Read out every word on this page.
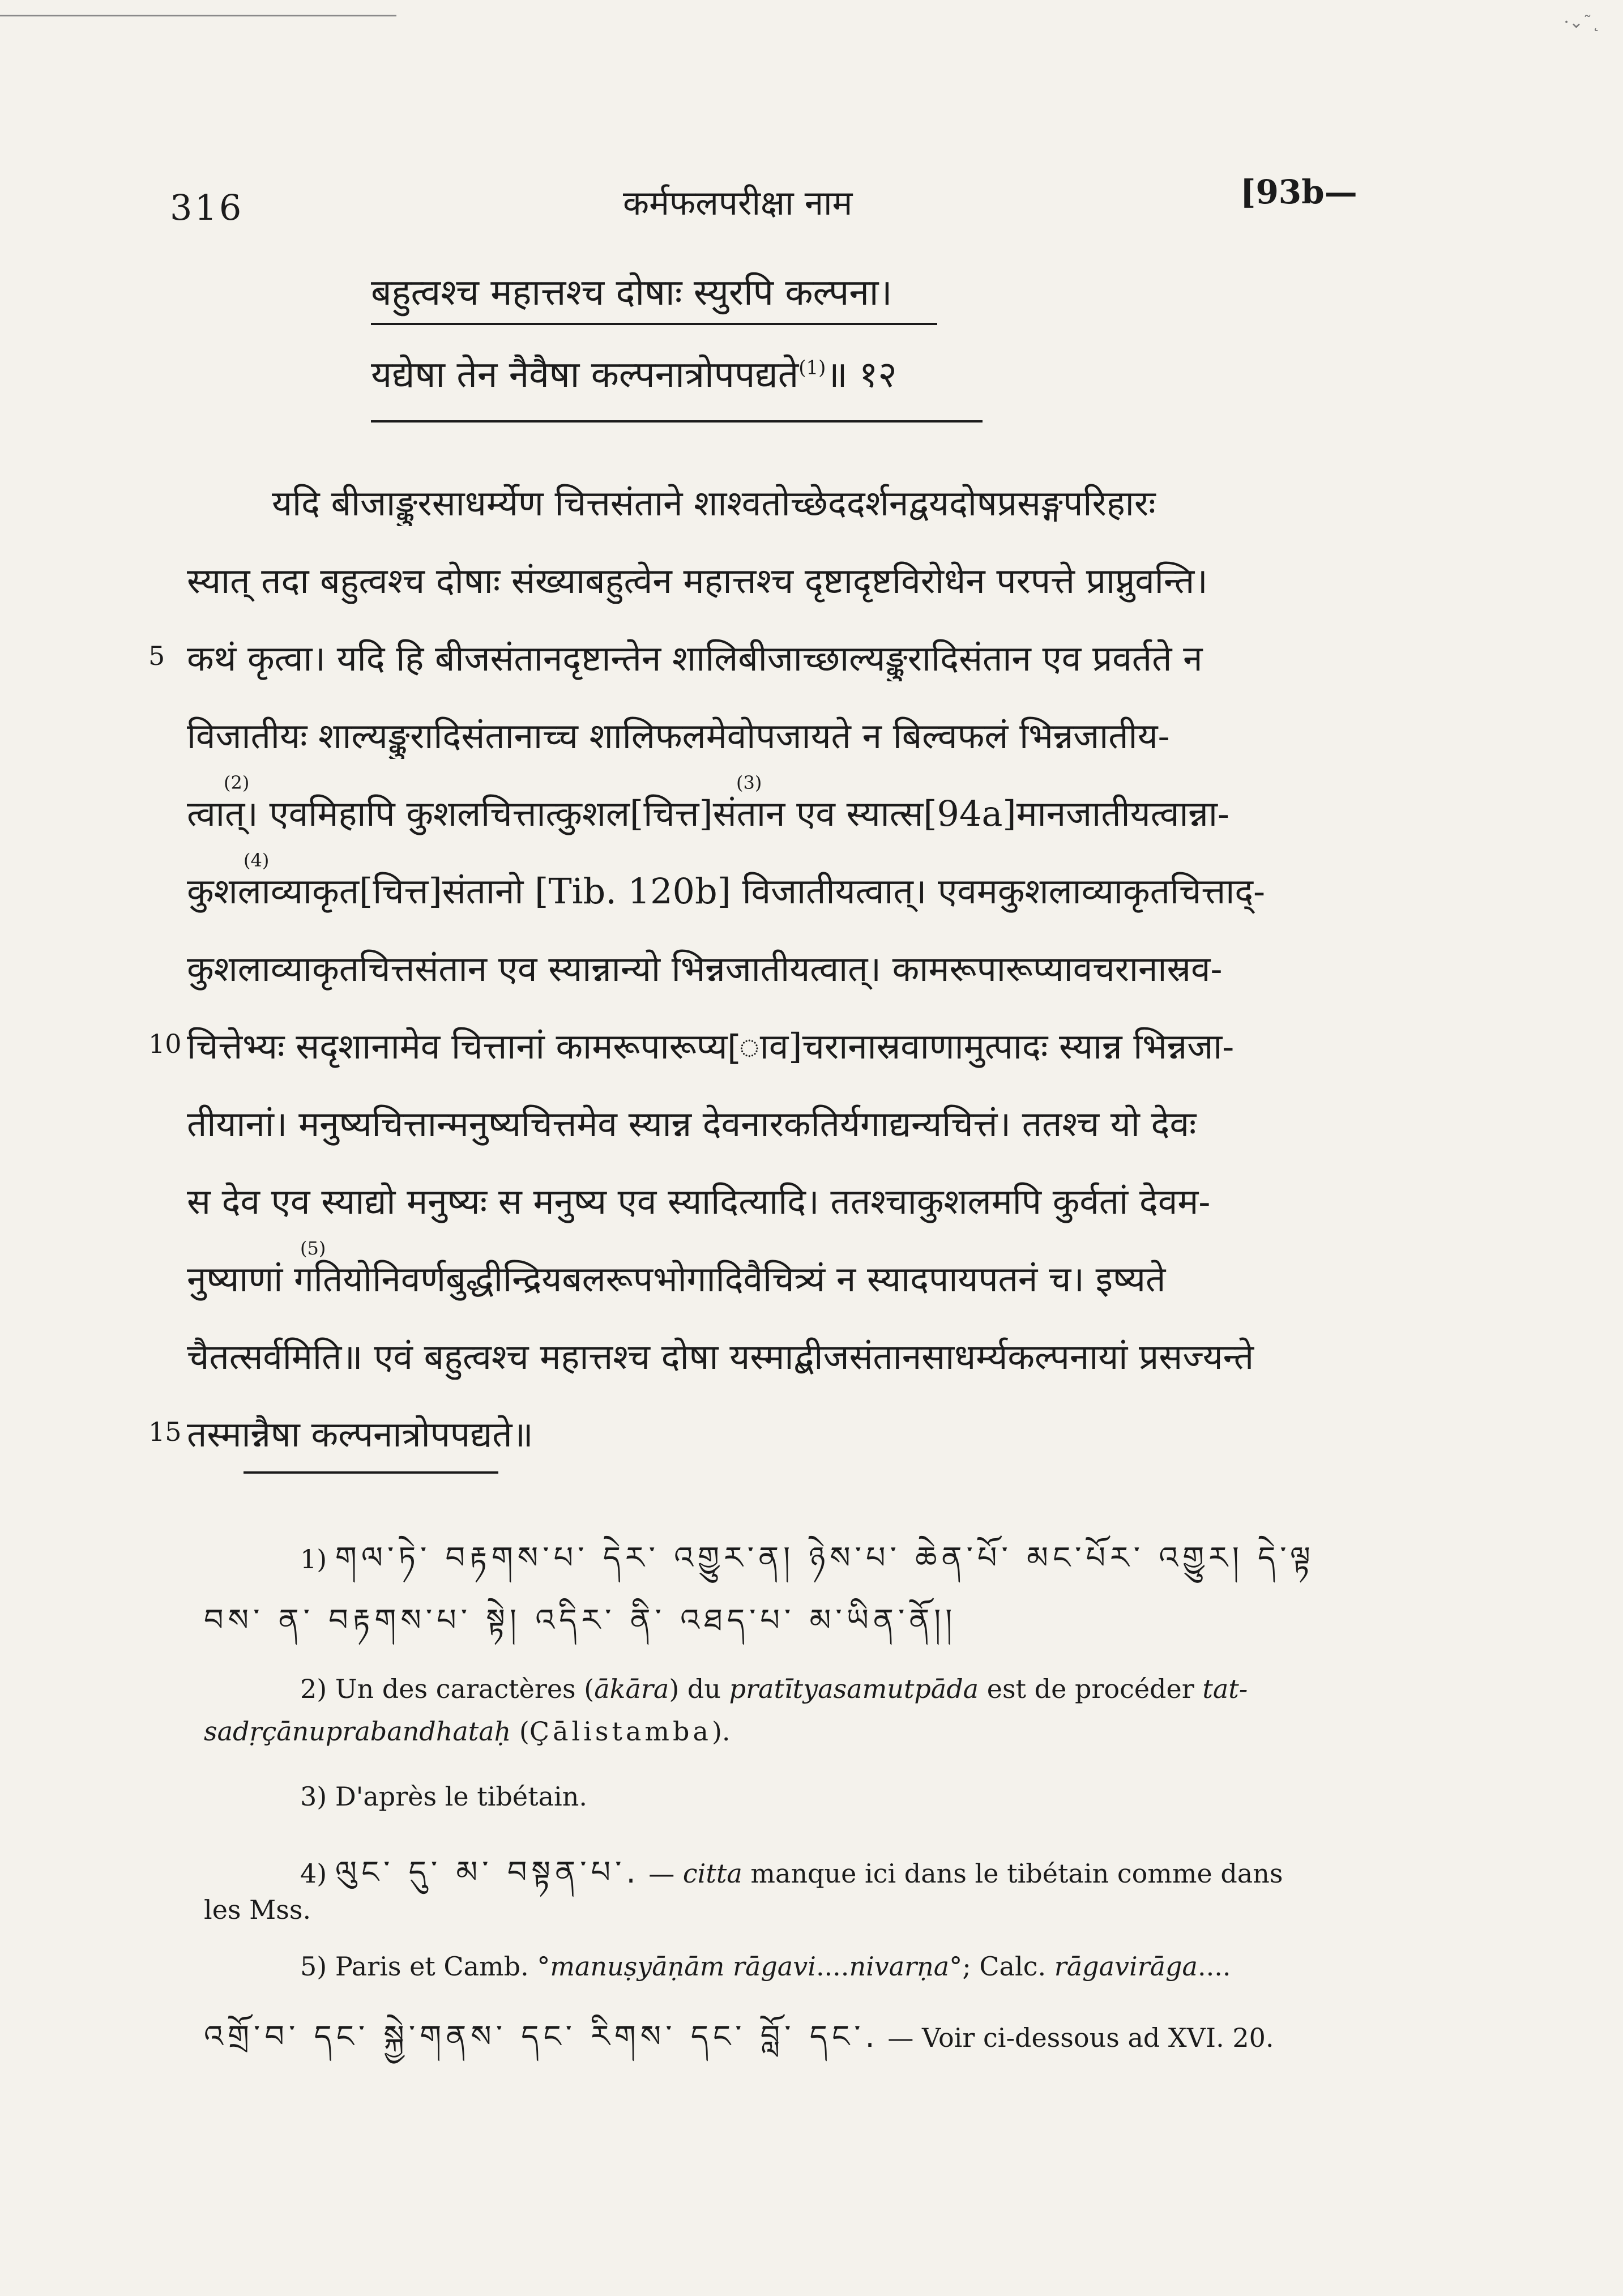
·⌄˜˛
316	कर्मफलपरीक्षा नाम	[93b—
बहुत्वश्च महात्तश्च दोषाः स्युरपि कल्पना।
यद्येषा तेन नैवैषा कल्पनात्रोपपद्यते$^{(1)}$॥ १२
यदि बीजाङ्कुरसाधर्म्येण चित्तसंताने शाश्वतोच्छेददर्शनद्वयदोषप्रसङ्गपरिहारः
स्यात् तदा बहुत्वश्च दोषाः संख्याबहुत्वेन महात्तश्च दृष्टादृष्टविरोधेन परपत्ते प्राप्नुवन्ति।
5 कथं कृत्वा। यदि हि बीजसंतानदृष्टान्तेन शालिबीजाच्छाल्यङ्कुरादिसंतान एव प्रवर्तते न
विजातीयः शाल्यङ्कुरादिसंतानाच्च शालिफलमेवोपजायते न बिल्वफलं भिन्नजातीय-
त्वात्। एवमिहापि कुशलचित्तात्कुशल[चित्त]संतान एव स्यात्स[94a]मानजातीयत्वान्ना-
कुशलाव्याकृत[चित्त]संतानो [Tib. 120b] विजातीयत्वात्। एवमकुशलाव्याकृतचित्ताद्-
कुशलाव्याकृतचित्तसंतान एव स्यान्नान्यो भिन्नजातीयत्वात्। कामरूपारूप्यावचरानास्रव-
10 चित्तेभ्यः सदृशानामेव चित्तानां कामरूपारूप्य[ाव]चरानास्रवाणामुत्पादः स्यान्न भिन्नजा-
तीयानां। मनुष्यचित्तान्मनुष्यचित्तमेव स्यान्न देवनारकतिर्यगाद्यन्यचित्तं। ततश्च यो देवः
स देव एव स्याद्यो मनुष्यः स मनुष्य एव स्यादित्यादि। ततश्चाकुशलमपि कुर्वतां देवम-
नुष्याणां गतियोनिवर्णबुद्धीन्द्रियबलरूपभोगादिवैचित्र्यं न स्यादपायपतनं च। इष्यते
चैतत्सर्वमिति॥ एवं बहुत्वश्च महात्तश्च दोषा यस्माद्बीजसंतानसाधर्म्यकल्पनायां प्रसज्यन्ते
15 तस्मान्नैषा कल्पनात्रोपपद्यते॥
(2)	(3)
(4)
(5)
1) གལ་ཏེ་ བརྟགས་པ་ དེར་ འགྱུར་ན། ཉེས་པ་ ཆེན་པོ་ མང་པོར་ འགྱུར། དེ་ལྟ
བས་ ན་ བརྟགས་པ་ སྟེ། འདིར་ ནི་ འཐད་པ་ མ་ཡིན་ནོ།།
2) Un des caractères (ākāra) du pratītyasamutpāda est de procéder tat-
sadṛçānuprabandhataḥ (Çālistamba).
3) D'après le tibétain.
4) ལུང་ དུ་ མ་ བསྟན་པ་. — citta manque ici dans le tibétain comme dans
les Mss.
5) Paris et Camb. °manuṣyāṇām rāgavi....nivarṇa°; Calc. rāgavirāga....
འགྲོ་བ་ དང་ སྐྱེ་གནས་ དང་ རིགས་ དང་ བློ་ དང་. — Voir ci-dessous ad XVI. 20.
